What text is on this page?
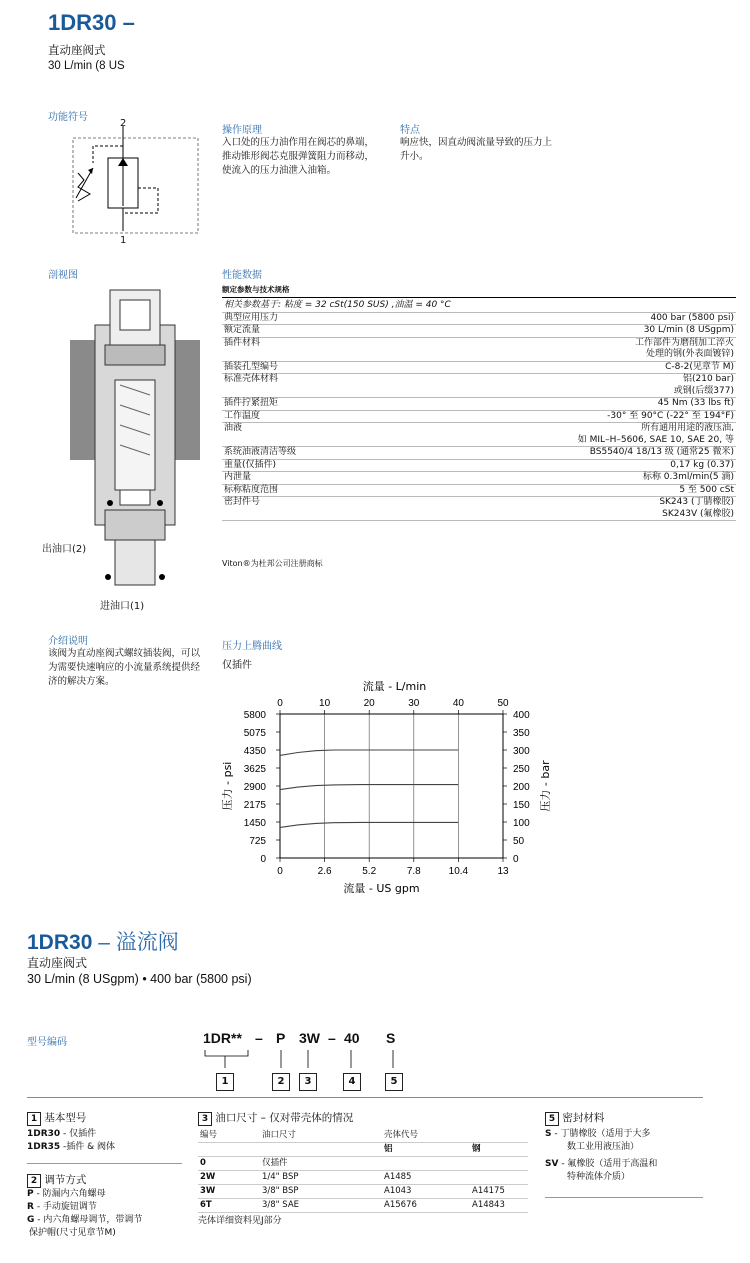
1DR30 –
直动座阀式
30 L/min (8 US
功能符号
2
1
操作原理
入口处的压力油作用在阀芯的鼻端，推动锥形阀芯克服弹簧阻力而移动，使流入的压力油泄入油箱。
特点
响应快，因直动阀流量导致的压力上升小。
剖视图
出油口(2)
进油口(1)
性能数据
额定参数与技术规格
相关参数基于: 粘度 = 32 cSt(150 SUS) ,油温 = 40 °C	
典型应用压力	400 bar (5800 psi)
额定流量	30 L/min (8 USgpm)
插件材料	工作部件为磨削加工淬火
处理的钢(外表面镀锌)

插装孔型编号	C-8-2(见章节 M)
标准壳体材料	铝(210 bar)
或钢(后缀377)

插件拧紧扭矩	45 Nm (33 lbs ft)
工作温度	-30° 至 90°C (-22° 至 194°F)
油液	所有通用用途的液压油,
如 MIL–H–5606, SAE 10, SAE 20, 等

系统油液清洁等级	BS5540/4 18/13 级 (通常25 微米)
重量(仅插件)	0,17 kg (0.37)
内泄量	标称 0.3ml/min(5 滴)
标称粘度范围	5 至 500 cSt
密封件号	SK243 (丁腈橡胶)
SK243V (氟橡胶)
Viton®为杜邦公司注册商标
介绍说明
该阀为直动座阀式螺纹插装阀，可以为需要快速响应的小流量系统提供经济的解决方案。
压力上腾曲线
仅插件
0
0
10
2.6
20
5.2
30
7.8
40
10.4
50
13
5800	400
5075	350
4350	300
3625	250
2900	200
2175	150
1450	100
725	50
0	0
流量 - L/min
流量 - US gpm
压力 - psi	压力 - bar
1DR30 – 溢流阀
直动座阀式
30 L/min (8 USgpm) • 400 bar (5800 psi)
型号编码	1DR** – P 3W – 40 S
1	2	3	4	5
1 基本型号
1DR30 - 仅插件
1DR35 -插件 & 阀体
2 调节方式
P - 防漏内六角螺母
R - 手动旋钮调节
G - 内六角螺母调节，带调节
保护帽(尺寸见章节M)
3 油口尺寸 – 仅对带壳体的情况
编号	油口尺寸	壳体代号	
		铝	钢
0	仅插件		
2W	1/4" BSP	A1485	
3W	3/8" BSP	A1043	A14175
6T	3/8" SAE	A15676	A14843
壳体详细资料见J部分
5 密封材料
S - 丁腈橡胶（适用于大多
数工业用液压油）
SV - 氟橡胶（适用于高温和
特种流体介质）
